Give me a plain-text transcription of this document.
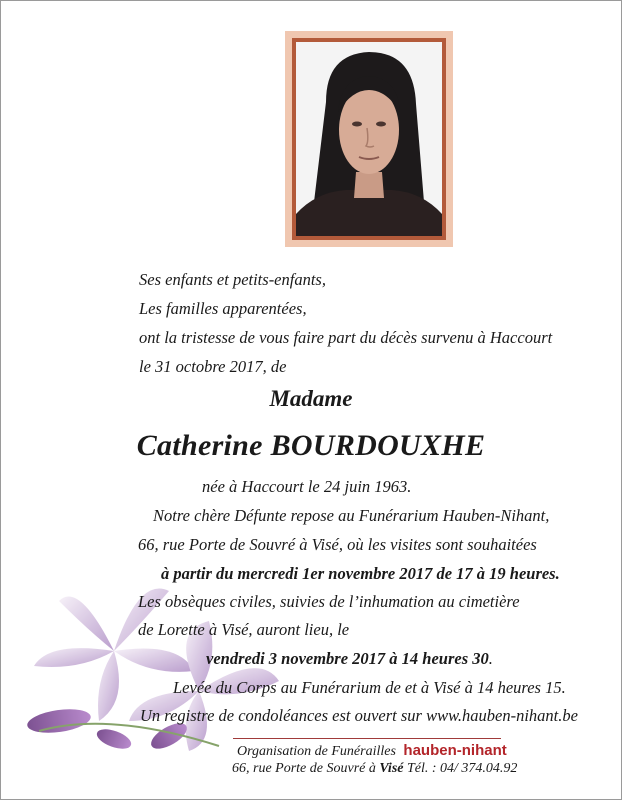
Ses enfants et petits-enfants,
Les familles apparentées,
ont la tristesse de vous faire part du décès survenu à Haccourt
le 31 octobre 2017, de
Madame
Catherine BOURDOUXHE
née à Haccourt le 24 juin 1963.
Notre chère Défunte repose au Funérarium Hauben-Nihant,
66, rue Porte de Souvré à Visé, où les visites sont souhaitées
à partir du mercredi 1er novembre 2017 de 17 à 19 heures.
Les obsèques civiles, suivies de l’inhumation au cimetière
de Lorette à Visé, auront lieu, le
vendredi 3 novembre 2017 à 14 heures 30.
Levée du Corps au Funérarium de et à Visé à 14 heures 15.
Un registre de condoléances est ouvert sur www.hauben-nihant.be
Organisation de Funérailles hauben-nihant
66, rue Porte de Souvré à Visé Tél. : 04/ 374.04.92
